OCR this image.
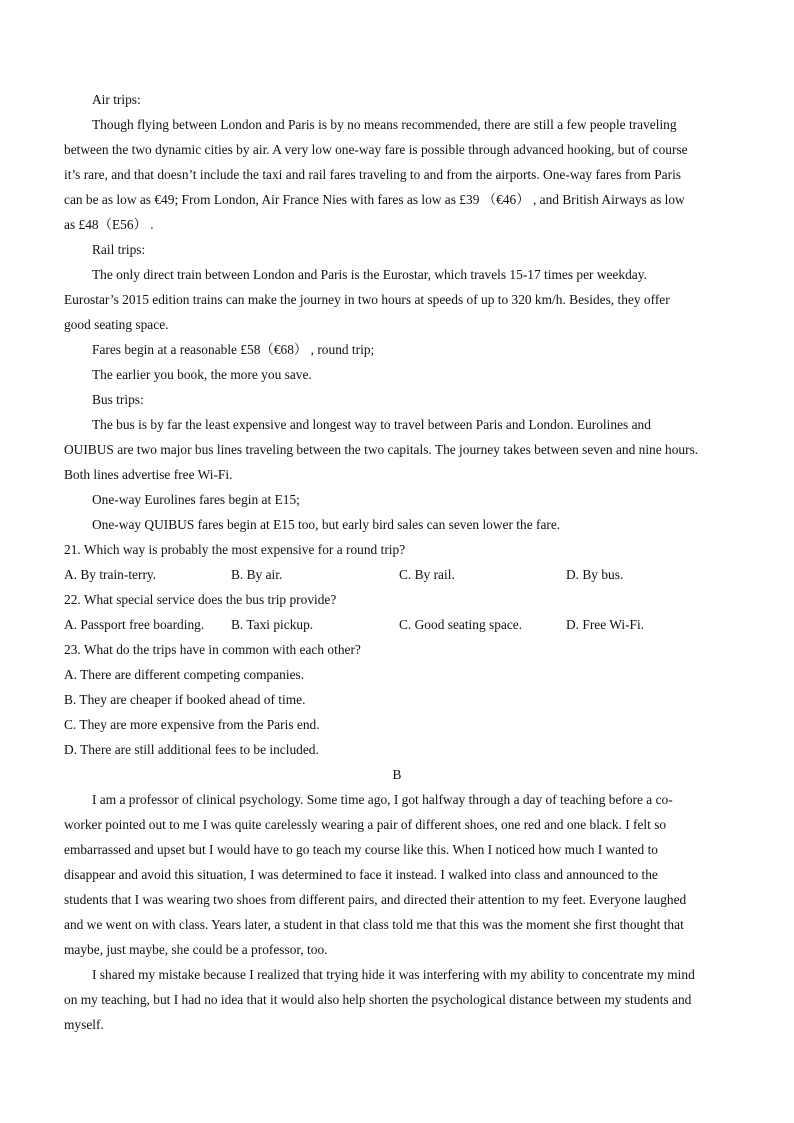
Air trips:
Though flying between London and Paris is by no means recommended, there are still a few people traveling
between the two dynamic cities by air. A very low one-way fare is possible through advanced hooking, but of course
it’s rare, and that doesn’t include the taxi and rail fares traveling to and from the airports. One-way fares from Paris
can be as low as €49; From London, Air France Nies with fares as low as £39 （€46） , and British Airways as low
as £48（E56） .
Rail trips:
The only direct train between London and Paris is the Eurostar, which travels 15-17 times per weekday.
Eurostar’s 2015 edition trains can make the journey in two hours at speeds of up to 320 km/h. Besides, they offer
good seating space.
Fares begin at a reasonable £58（€68） , round trip;
The earlier you book, the more you save.
Bus trips:
The bus is by far the least expensive and longest way to travel between Paris and London. Eurolines and
OUIBUS are two major bus lines traveling between the two capitals. The journey takes between seven and nine hours.
Both lines advertise free Wi-Fi.
One-way Eurolines fares begin at E15;
One-way QUIBUS fares begin at E15 too, but early bird sales can seven lower the fare.
21. Which way is probably the most expensive for a round trip?
A. By train-terry.	B. By air.	C. By rail.	D. By bus.
22. What special service does the bus trip provide?
A. Passport free boarding. B. Taxi pickup.	C. Good seating space.	D. Free Wi-Fi.
23. What do the trips have in common with each other?
A. There are different competing companies.
B. They are cheaper if booked ahead of time.
C. They are more expensive from the Paris end.
D. There are still additional fees to be included.
B
I am a professor of clinical psychology. Some time ago, I got halfway through a day of teaching before a co-
worker pointed out to me I was quite carelessly wearing a pair of different shoes, one red and one black. I felt so
embarrassed and upset but I would have to go teach my course like this. When I noticed how much I wanted to
disappear and avoid this situation, I was determined to face it instead. I walked into class and announced to the
students that I was wearing two shoes from different pairs, and directed their attention to my feet. Everyone laughed
and we went on with class. Years later, a student in that class told me that this was the moment she first thought that
maybe, just maybe, she could be a professor, too.
I shared my mistake because I realized that trying hide it was interfering with my ability to concentrate my mind
on my teaching, but I had no idea that it would also help shorten the psychological distance between my students and
myself.
